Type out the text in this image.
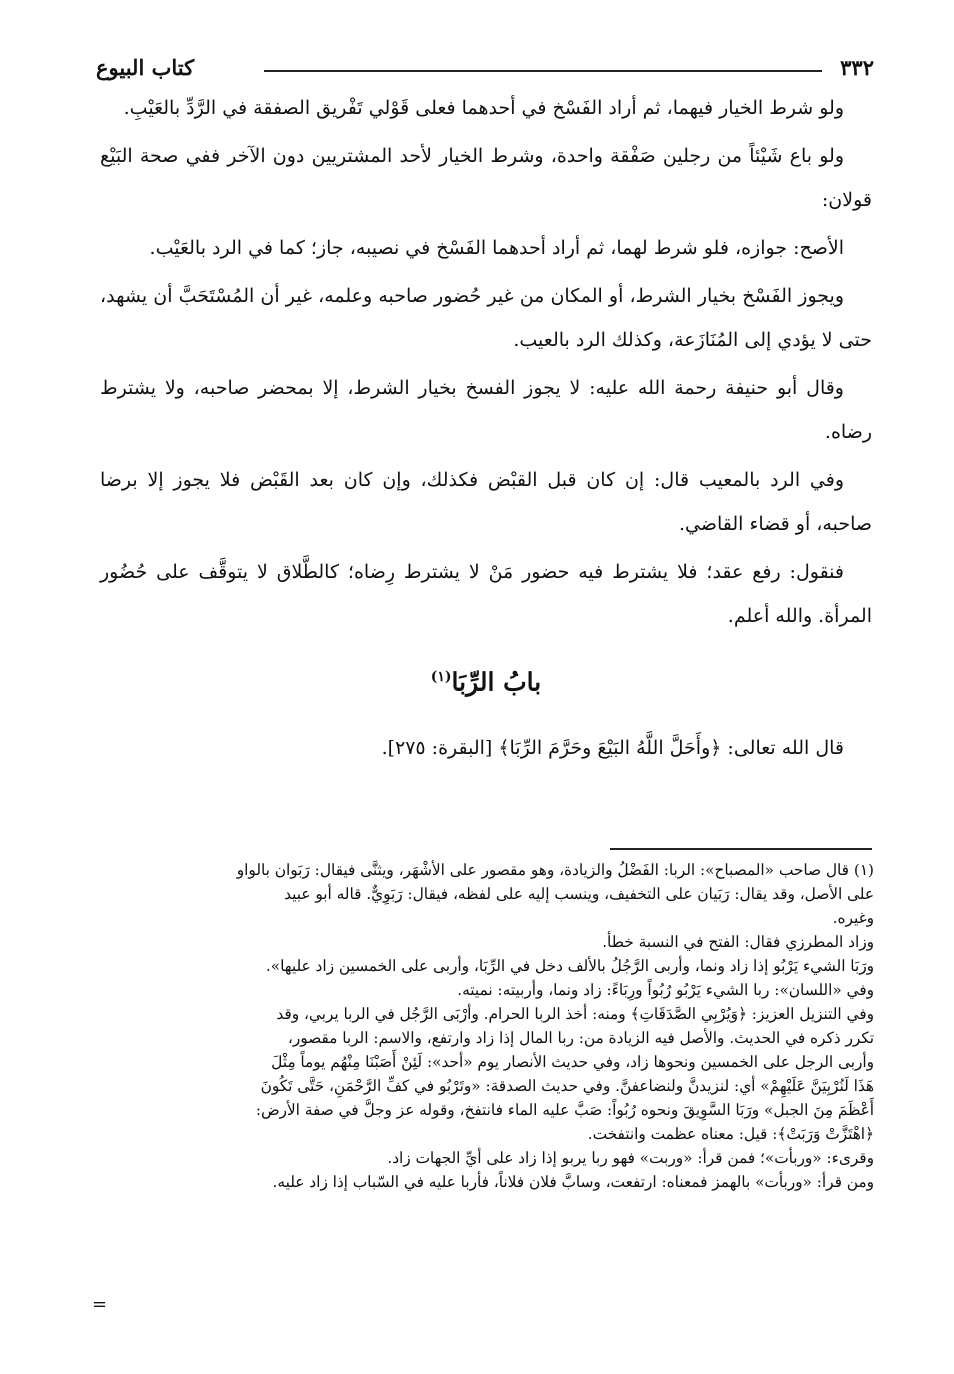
٣٣٢
كتاب البيوع

ولو شرط الخيار فيهما، ثم أراد الفَسْخ في أحدهما فعلى قَوْلي تَفْريق الصفقة في الرَّدِّ بالعَيْبِ.

ولو باع شَيْئاً من رجلين صَفْقة واحدة، وشرط الخيار لأحد المشتريين دون الآخر ففي صحة البَيْع قولان:

الأصح: جوازه، فلو شرط لهما، ثم أراد أحدهما الفَسْخ في نصيبه، جاز؛ كما في الرد بالعَيْب.

ويجوز الفَسْخ بخيار الشرط، أو المكان من غير حُضور صاحبه وعلمه، غير أن المُسْتَحَبَّ أن يشهد، حتى لا يؤدي إلى المُنَازَعة، وكذلك الرد بالعيب.

وقال أبو حنيفة رحمة الله عليه: لا يجوز الفسخ بخيار الشرط، إلا بمحضر صاحبه، ولا يشترط رضاه.

وفي الرد بالمعيب قال: إن كان قبل القبْض فكذلك، وإن كان بعد القَبْض فلا يجوز إلا برضا صاحبه، أو قضاء القاضي.

فنقول: رفع عقد؛ فلا يشترط فيه حضور مَنْ لا يشترط رِضاه؛ كالطَّلاق لا يتوقَّف على حُضُور المرأة. والله أعلم.

بابُ الرِّبَا$^{(١)}$

قال الله تعالى: ﴿وأَحَلَّ اللَّهُ البَيْعَ وحَرَّمَ الرِّبَا﴾ [البقرة: ٢٧٥].

(١) قال صاحب «المصباح»: الربا: الفَضْلُ والزيادة، وهو مقصور على الأشْهَر، ويثنَّى فيقال: رَبَوان بالواو

على الأصل، وقد يقال: رَبَيان على التخفيف، وينسب إليه على لفظه، فيقال: رَبَوِيٌّ. قاله أبو عبيد

وغيره.

وزاد المطرزي فقال: الفتح في النسبة خطأ.

ورَبَا الشيء يَرْبُو إذا زاد ونما، وأربى الرَّجُلُ بالألف دخل في الرِّبَا، وأربى على الخمسين زاد عليها».

وفي «اللسان»: ربا الشيء يَرْبُو رُبُواً ورِبَاءً: زاد ونما، وأربيته: نميته.

وفي التنزيل العزيز: ﴿وَيُرْبِي الصَّدَقَاتِ﴾ ومنه: أخذ الربا الحرام. وأرْبَى الرَّجُل في الربا يربي، وقد

تكرر ذكره في الحديث. والأصل فيه الزيادة من: ربا المال إذا زاد وارتفع، والاسم: الربا مقصور،

وأربى الرجل على الخمسين ونحوها زاد، وفي حديث الأنصار يوم «أحد»: لَئِنْ أَصَبْنَا مِنْهُم يوماً مِثْلَ

هَذَا لَنُرْبِيَنَّ عَلَيْهِمْ» أي: لنزيدنَّ ولنضاعفنَّ. وفي حديث الصدقة: «وتَرْبُو في كفِّ الرَّحْمَنِ، حَتَّى تَكُونَ

أَعْظَمَ مِنَ الجبل» ورَبَا السَّوِيقَ ونحوه رُبُواً: صَبَّ عليه الماء فانتفخ، وقوله عز وجلَّ في صفة الأرض:

﴿اهْتَزَّتْ وَرَبَتْ﴾: قيل: معناه عظمت وانتفخت.

وقرىء: «وربأت»؛ فمن قرأ: «وربت» فهو ربا يربو إذا زاد على أيِّ الجهات زاد.

ومن قرأ: «وربأت» بالهمز فمعناه: ارتفعت، وسابَّ فلان فلاناً، فأربا عليه في السّباب إذا زاد عليه.

=
